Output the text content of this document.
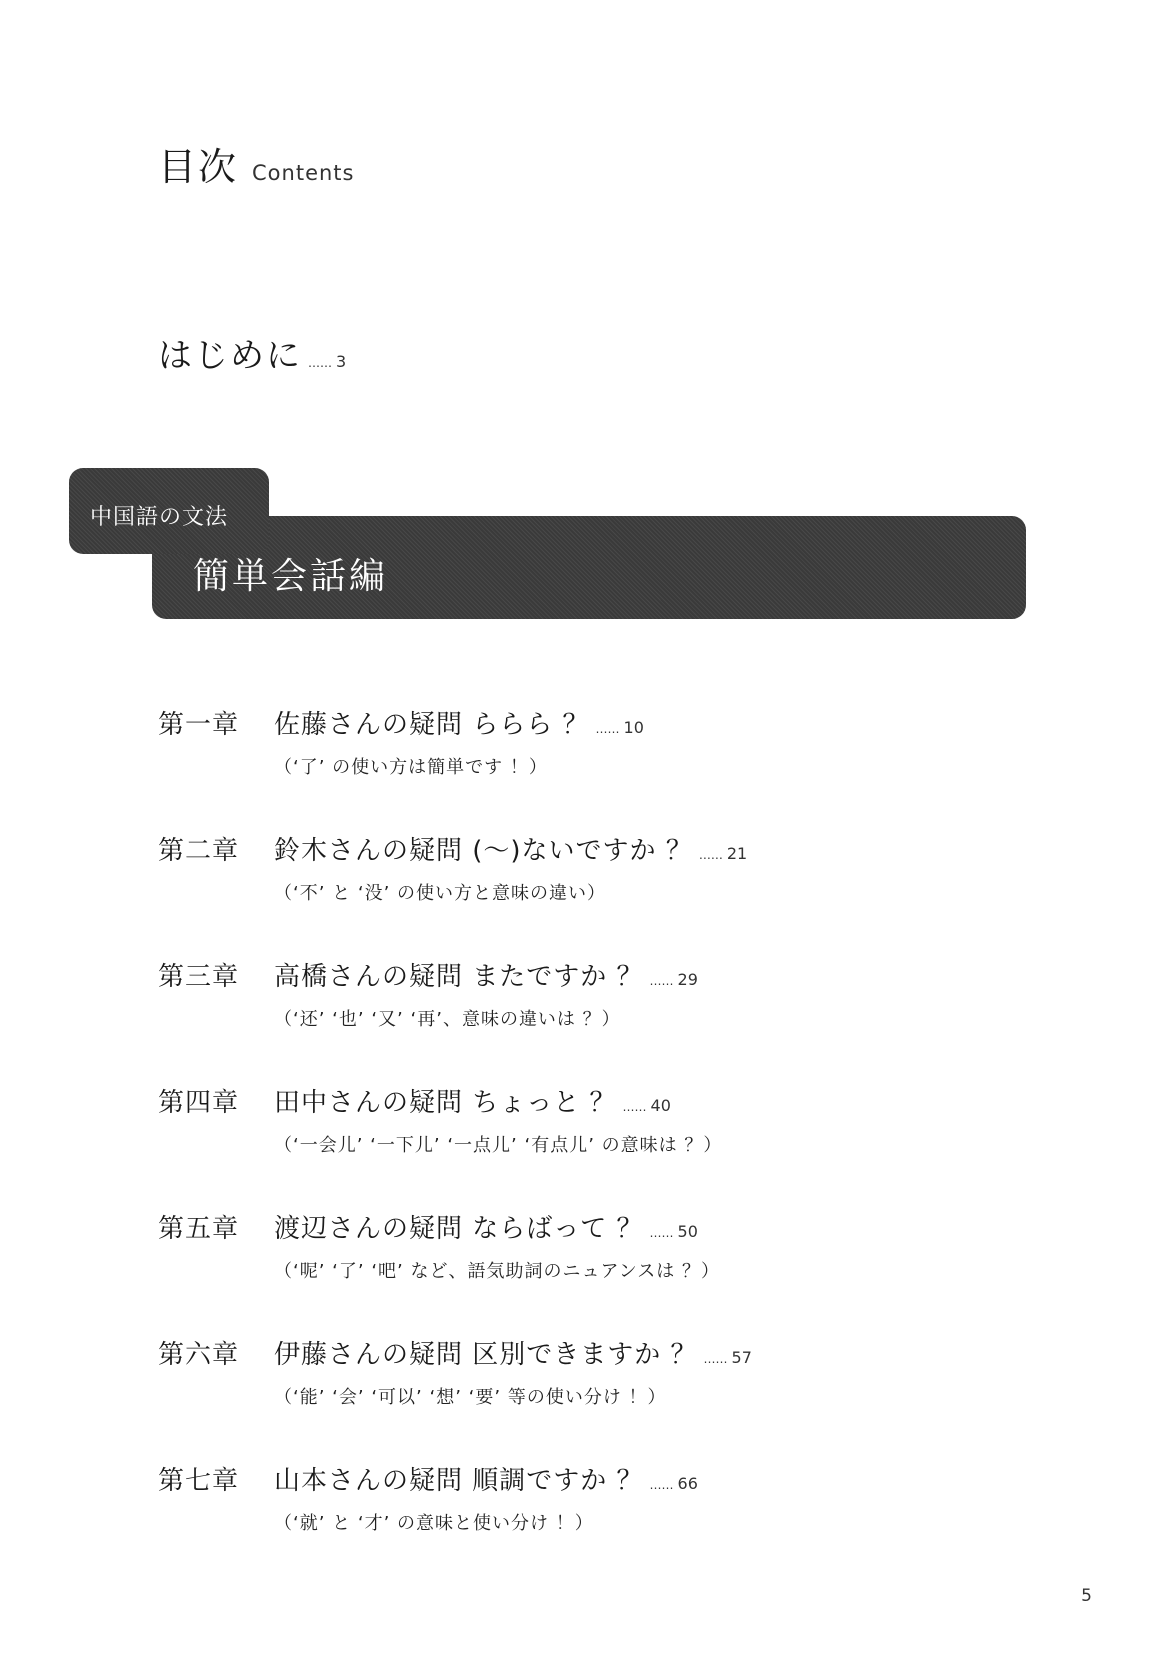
目次 Contents
はじめに …… 3
中国語の文法
簡単会話編
第一章	佐藤さんの疑問 ららら ？ …… 10
（‘了’ の使い方は簡単です ！）
第二章	鈴木さんの疑問 (～)ないですか ？ …… 21
（‘不’ と ‘没’ の使い方と意味の違い）
第三章	高橋さんの疑問 またですか ？ …… 29
（‘还’ ‘也’ ‘又’ ‘再’、意味の違いは ？）
第四章	田中さんの疑問 ちょっと ？ …… 40
（‘一会儿’ ‘一下儿’ ‘一点儿’ ‘有点儿’ の意味は ？）
第五章	渡辺さんの疑問 ならばって ？ …… 50
（‘呢’ ‘了’ ‘吧’ など、語気助詞のニュアンスは ？）
第六章	伊藤さんの疑問 区別できますか ？ …… 57
（‘能’ ‘会’ ‘可以’ ‘想’ ‘要’ 等の使い分け ！）
第七章	山本さんの疑問 順調ですか ？ …… 66
（‘就’ と ‘才’ の意味と使い分け ！）
5
